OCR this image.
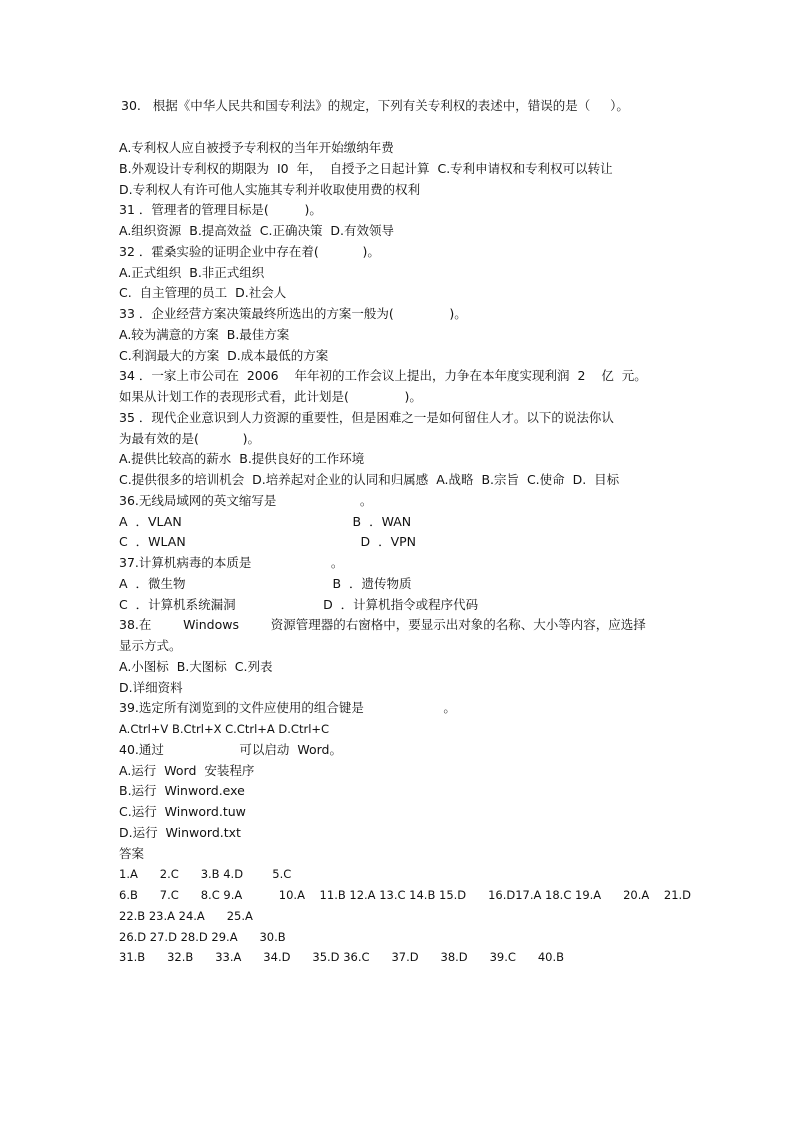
30.   根据《中华人民共和国专利法》的规定，下列有关专利权的表述中，错误的是（     ）。
A.专利权人应自被授予专利权的当年开始缴纳年费
B.外观设计专利权的期限为  I0  年，  自授予之日起计算  C.专利申请权和专利权可以转让
D.专利权人有许可他人实施其专利并收取使用费的权利
31 ．管理者的管理目标是(         )。
A.组织资源  B.提高效益  C.正确决策  D.有效领导
32 ．霍桑实验的证明企业中存在着(           )。
A.正式组织  B.非正式组织
C.  自主管理的员工  D.社会人
33 ．企业经营方案决策最终所选出的方案一般为(              )。
A.较为满意的方案  B.最佳方案
C.利润最大的方案  D.成本最低的方案
34 ．一家上市公司在  2006    年年初的工作会议上提出，力争在本年度实现利润  2    亿  元。
如果从计划工作的表现形式看，此计划是(              )。
35 ．现代企业意识到人力资源的重要性，但是困难之一是如何留住人才。以下的说法你认
为最有效的是(           )。
A.提供比较高的薪水  B.提供良好的工作环境
C.提供很多的培训机会  D.培养起对企业的认同和归属感  A.战略  B.宗旨  C.使命  D.  目标
36.无线局域网的英文缩写是                     。
A  ．VLAN                                           B  ．WAN
C  ．WLAN                                            D  ．VPN
37.计算机病毒的本质是                    。
A  ．微生物                                     B  ．遗传物质
C  ．计算机系统漏洞                      D  ．计算机指令或程序代码
38.在        Windows        资源管理器的右窗格中，要显示出对象的名称、大小等内容，应选择
显示方式。
A.小图标  B.大图标  C.列表
D.详细资料
39.选定所有浏览到的文件应使用的组合键是                    。
A.Ctrl+V B.Ctrl+X C.Ctrl+A D.Ctrl+C
40.通过                   可以启动  Word。
A.运行  Word  安装程序
B.运行  Winword.exe
C.运行  Winword.tuw
D.运行  Winword.txt
答案
1.A      2.C      3.B 4.D        5.C
6.B      7.C      8.C 9.A          10.A    11.B 12.A 13.C 14.B 15.D      16.D17.A 18.C 19.A      20.A    21.D
22.B 23.A 24.A      25.A
26.D 27.D 28.D 29.A      30.B
31.B      32.B      33.A      34.D      35.D 36.C      37.D      38.D      39.C      40.B
